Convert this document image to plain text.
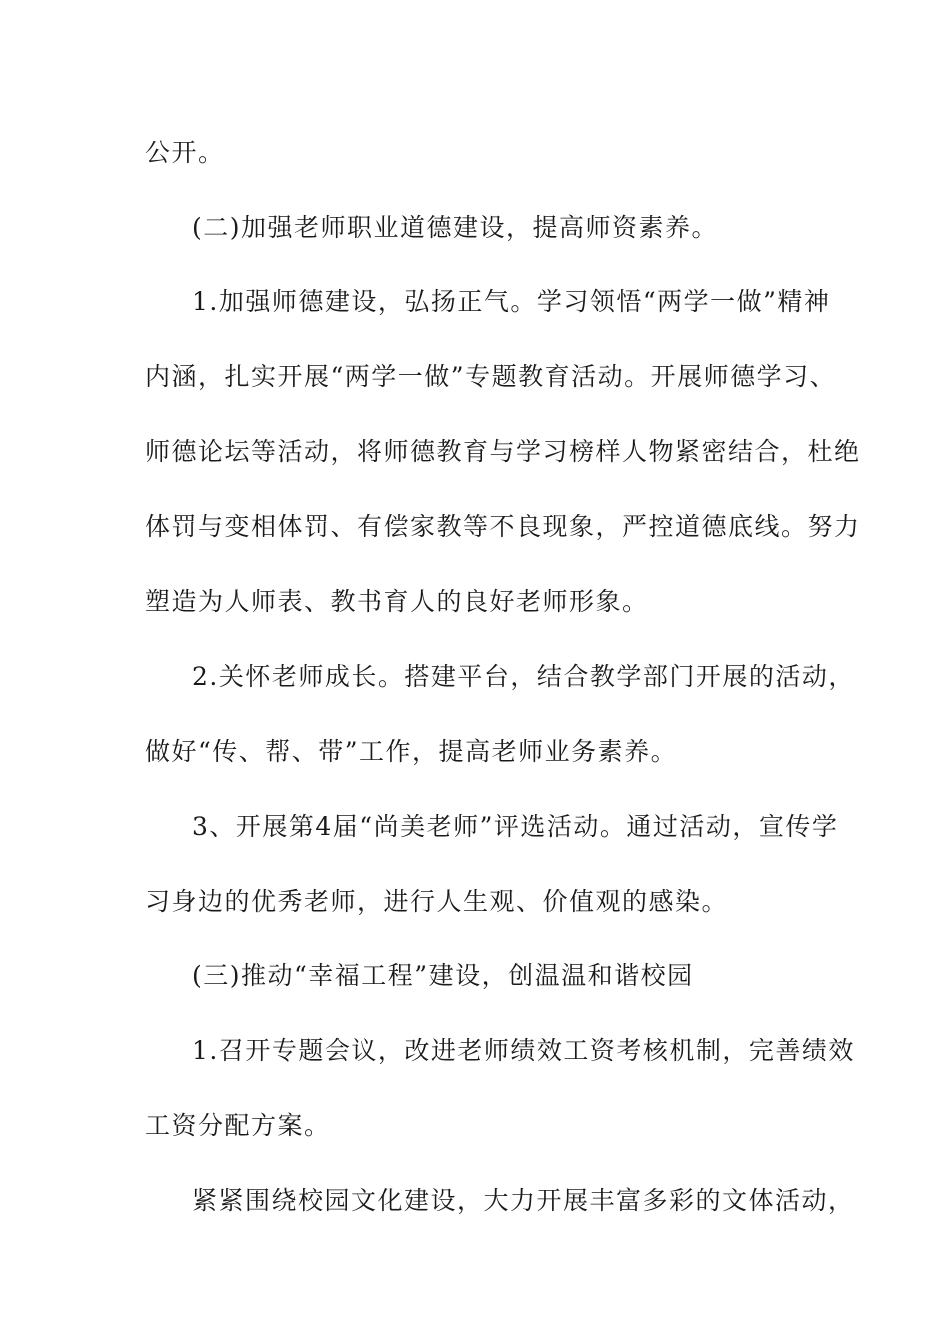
公开。
(二)加强老师职业道德建设，提高师资素养。
1.加强师德建设，弘扬正气。学习领悟“两学一做”精神
内涵，扎实开展“两学一做”专题教育活动。开展师德学习、
师德论坛等活动，将师德教育与学习榜样人物紧密结合，杜绝
体罚与变相体罚、有偿家教等不良现象，严控道德底线。努力
塑造为人师表、教书育人的良好老师形象。
2.关怀老师成长。搭建平台，结合教学部门开展的活动，
做好“传、帮、带”工作，提高老师业务素养。
3、开展第4届“尚美老师”评选活动。通过活动，宣传学
习身边的优秀老师，进行人生观、价值观的感染。
(三)推动“幸福工程”建设，创温温和谐校园
1.召开专题会议，改进老师绩效工资考核机制，完善绩效
工资分配方案。
紧紧围绕校园文化建设，大力开展丰富多彩的文体活动，
